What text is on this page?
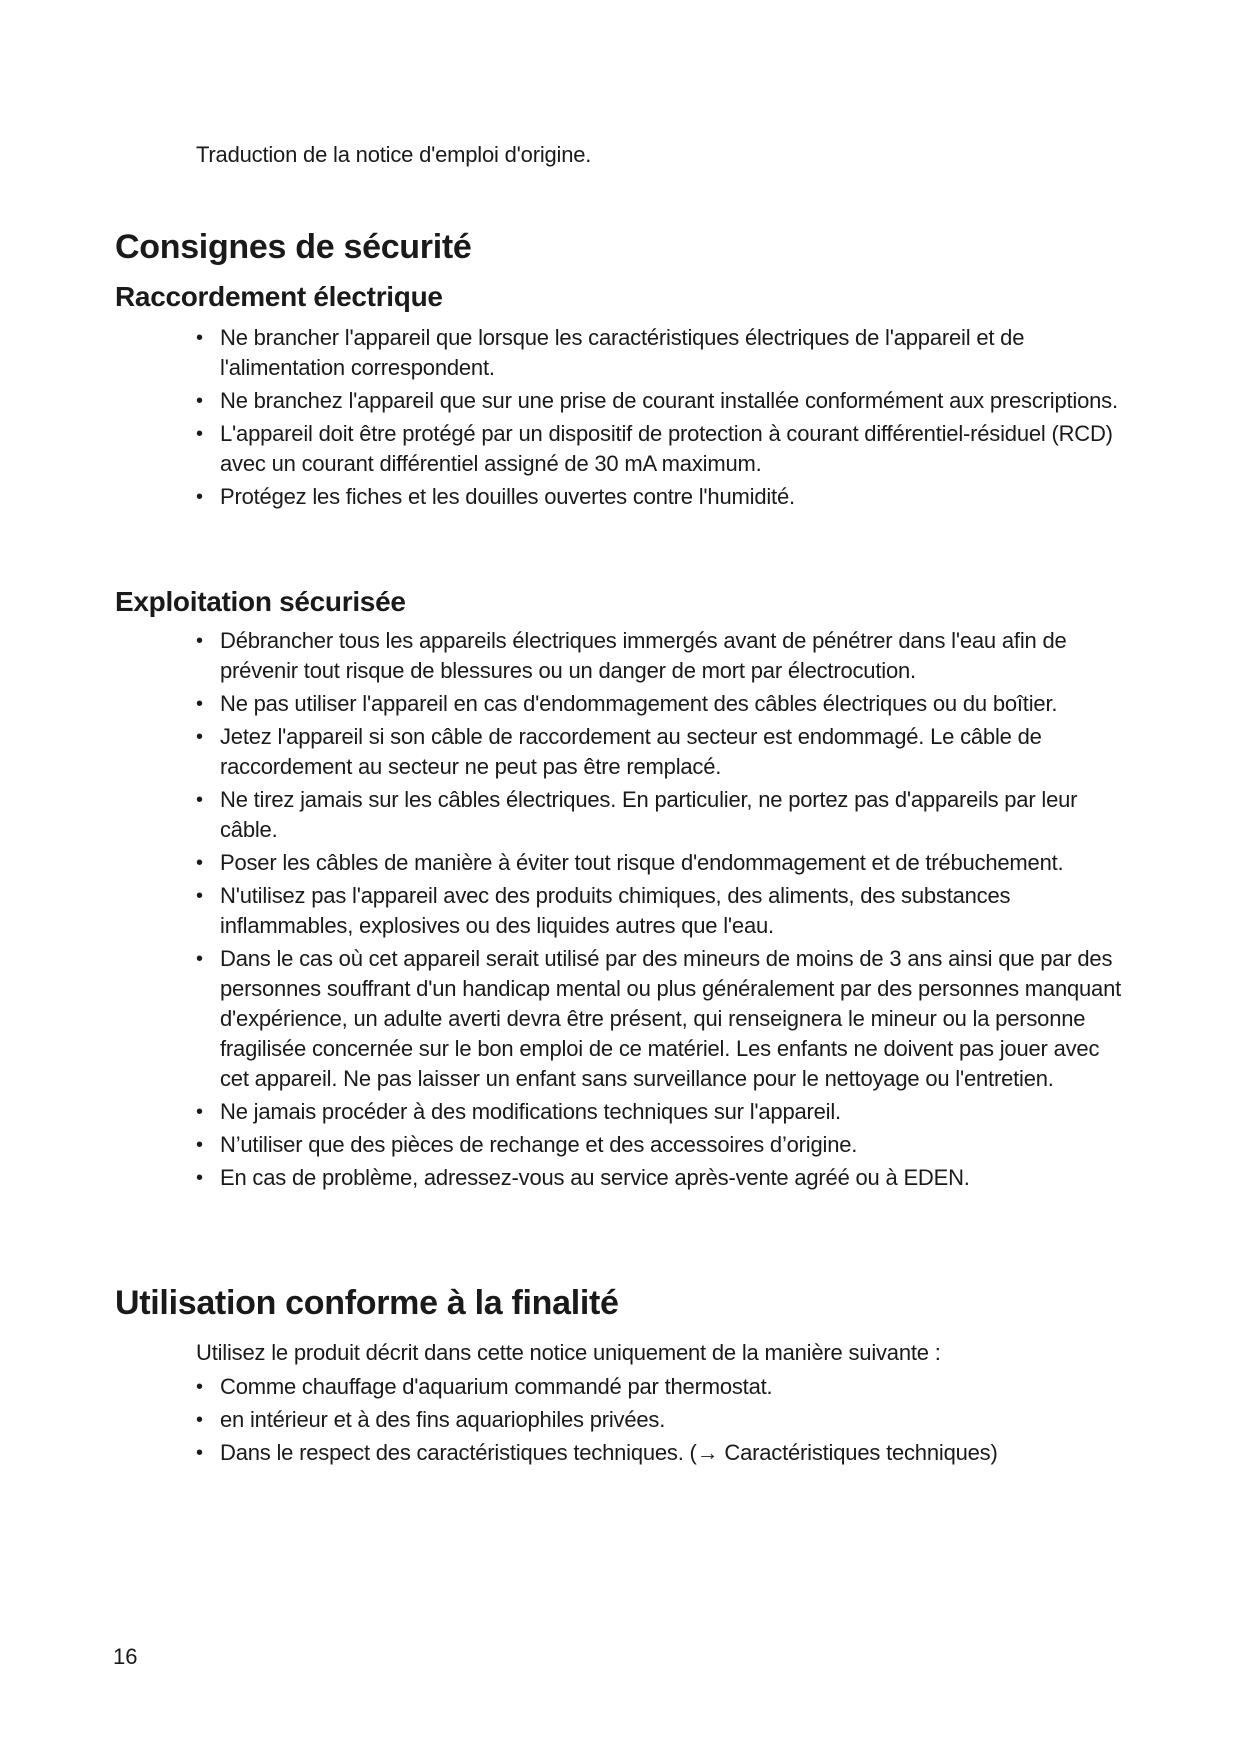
Traduction de la notice d'emploi d'origine.
Consignes de sécurité
Raccordement électrique
• Ne brancher l'appareil que lorsque les caractéristiques électriques de l'appareil et de l'alimentation correspondent.
• Ne branchez l'appareil que sur une prise de courant installée conformément aux prescriptions.
• L'appareil doit être protégé par un dispositif de protection à courant différentiel-résiduel (RCD) avec un courant différentiel assigné de 30 mA maximum.
• Protégez les fiches et les douilles ouvertes contre l'humidité.
Exploitation sécurisée
• Débrancher tous les appareils électriques immergés avant de pénétrer dans l'eau afin de prévenir tout risque de blessures ou un danger de mort par électrocution.
• Ne pas utiliser l'appareil en cas d'endommagement des câbles électriques ou du boîtier.
• Jetez l'appareil si son câble de raccordement au secteur est endommagé. Le câble de raccordement au secteur ne peut pas être remplacé.
• Ne tirez jamais sur les câbles électriques. En particulier, ne portez pas d'appareils par leur câble.
• Poser les câbles de manière à éviter tout risque d'endommagement et de trébuchement.
• N'utilisez pas l'appareil avec des produits chimiques, des aliments, des substances inflammables, explosives ou des liquides autres que l'eau.
• Dans le cas où cet appareil serait utilisé par des mineurs de moins de 3 ans ainsi que par des personnes souffrant d'un handicap mental ou plus généralement par des personnes manquant d'expérience, un adulte averti devra être présent, qui renseignera le mineur ou la personne fragilisée concernée sur le bon emploi de ce matériel. Les enfants ne doivent pas jouer avec cet appareil. Ne pas laisser un enfant sans surveillance pour le nettoyage ou l'entretien.
• Ne jamais procéder à des modifications techniques sur l'appareil.
• N’utiliser que des pièces de rechange et des accessoires d’origine.
• En cas de problème, adressez-vous au service après-vente agréé ou à EDEN.
Utilisation conforme à la finalité
Utilisez le produit décrit dans cette notice uniquement de la manière suivante :
• Comme chauffage d'aquarium commandé par thermostat.
• en intérieur et à des fins aquariophiles privées.
• Dans le respect des caractéristiques techniques. (→ Caractéristiques techniques)
16
